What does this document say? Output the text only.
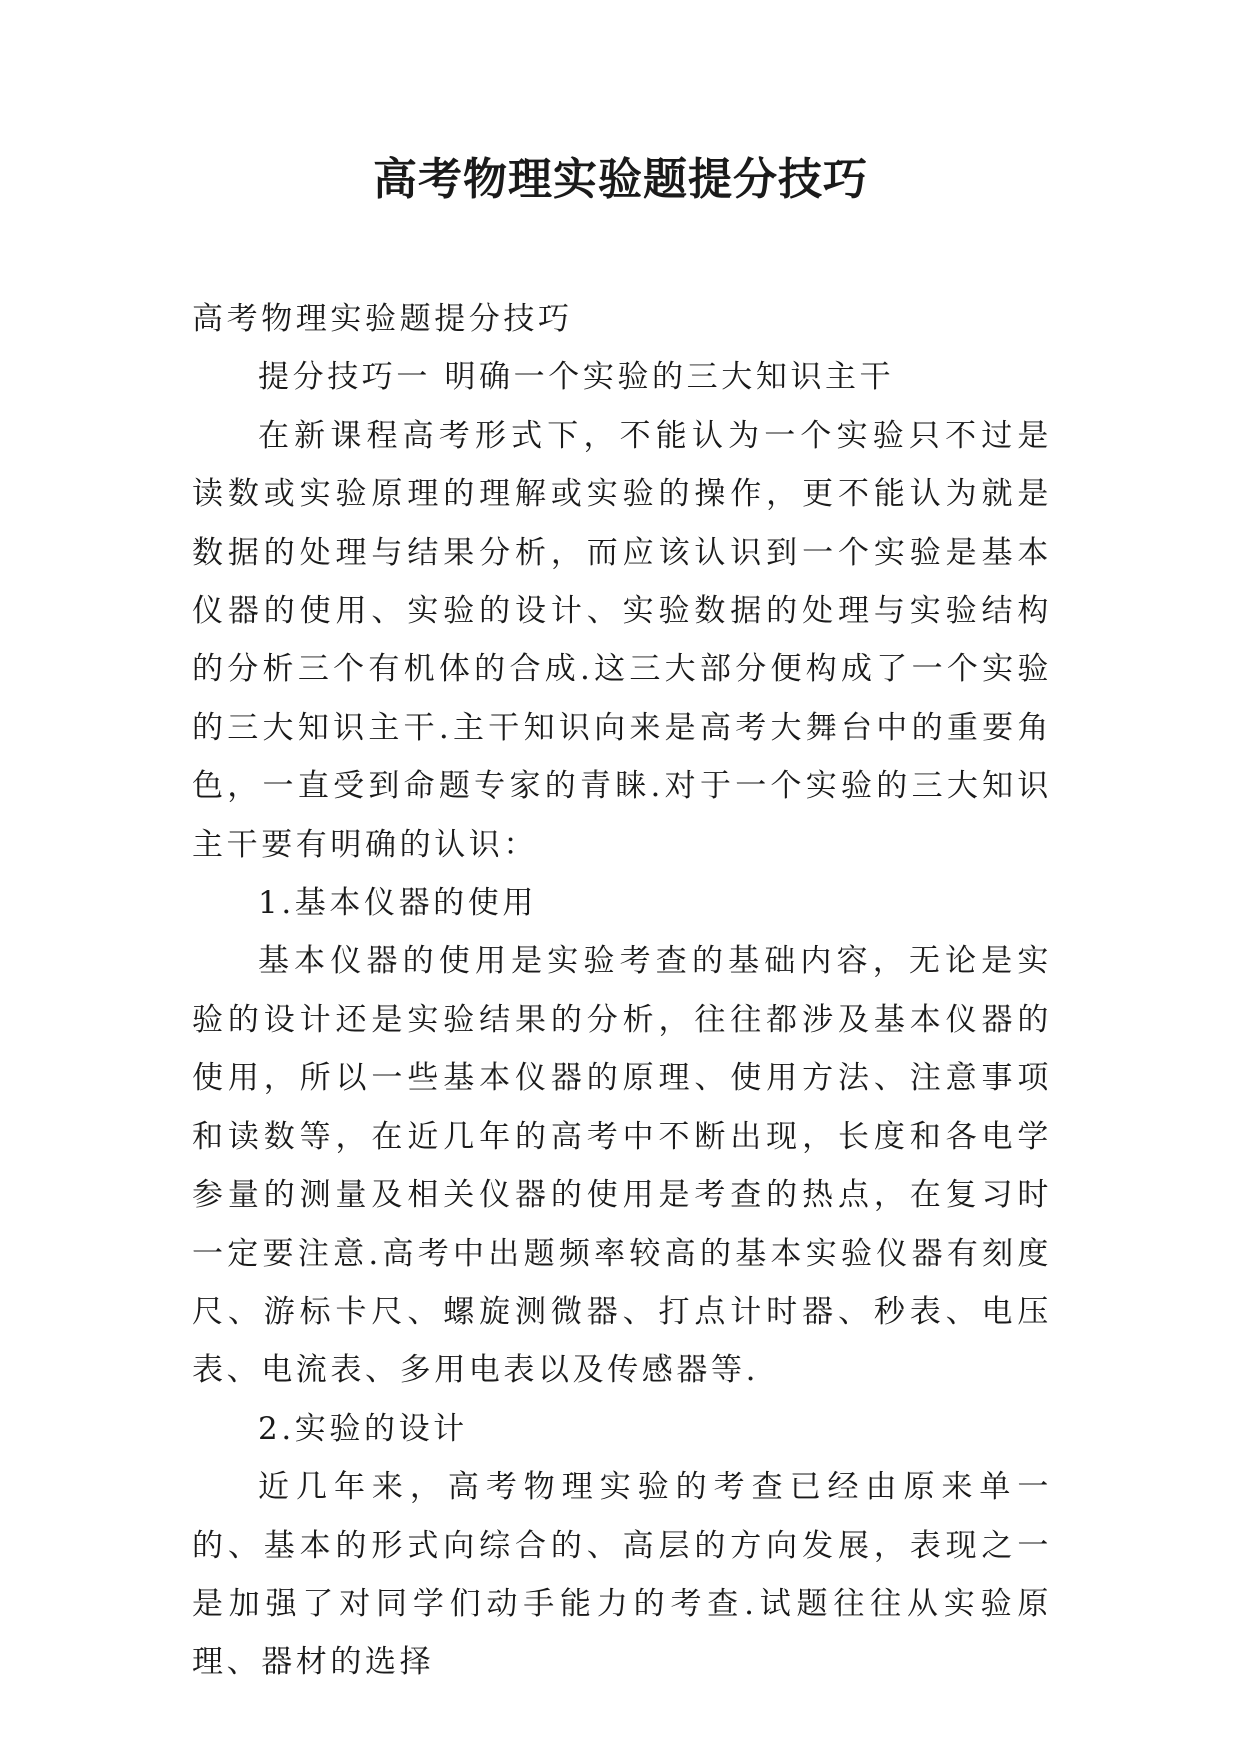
高考物理实验题提分技巧

高考物理实验题提分技巧

提分技巧一 明确一个实验的三大知识主干

在新课程高考形式下，不能认为一个实验只不过是读数或实验原理的理解或实验的操作，更不能认为就是数据的处理与结果分析，而应该认识到一个实验是基本仪器的使用、实验的设计、实验数据的处理与实验结构的分析三个有机体的合成.这三大部分便构成了一个实验的三大知识主干.主干知识向来是高考大舞台中的重要角色，一直受到命题专家的青睐.对于一个实验的三大知识主干要有明确的认识：

1.基本仪器的使用

基本仪器的使用是实验考查的基础内容，无论是实验的设计还是实验结果的分析，往往都涉及基本仪器的使用，所以一些基本仪器的原理、使用方法、注意事项和读数等，在近几年的高考中不断出现，长度和各电学参量的测量及相关仪器的使用是考查的热点，在复习时一定要注意.高考中出题频率较高的基本实验仪器有刻度尺、游标卡尺、螺旋测微器、打点计时器、秒表、电压表、电流表、多用电表以及传感器等.

2.实验的设计

近几年来，高考物理实验的考查已经由原来单一的、基本的形式向综合的、高层的方向发展，表现之一是加强了对同学们动手能力的考查.试题往往从实验原理、器材的选择
